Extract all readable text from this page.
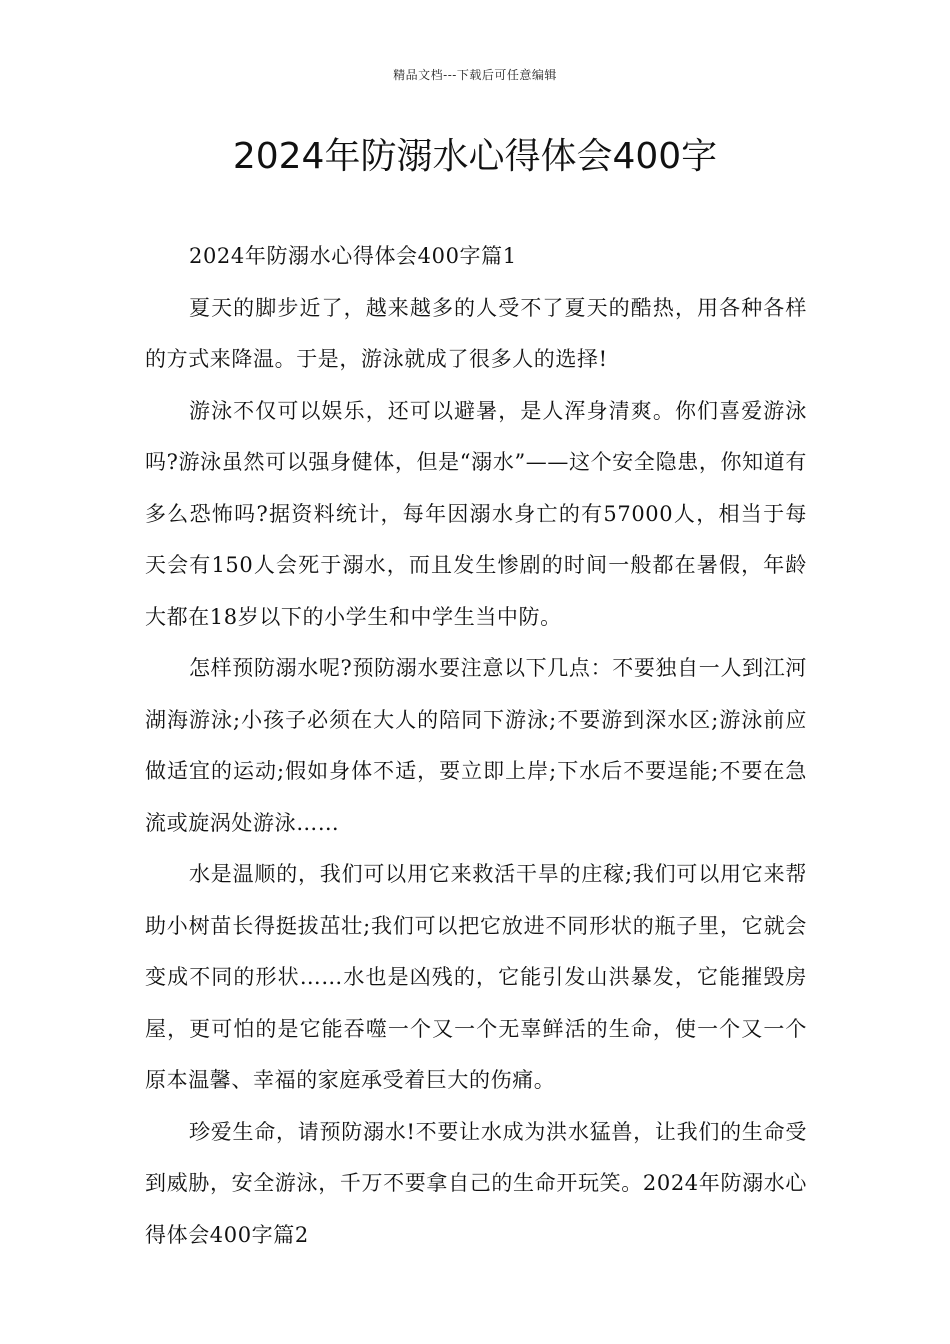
精品文档---下载后可任意编辑
2024年防溺水心得体会400字

2024年防溺水心得体会400字篇1

夏天的脚步近了，越来越多的人受不了夏天的酷热，用各种各样的方式来降温。于是，游泳就成了很多人的选择!

游泳不仅可以娱乐，还可以避暑，是人浑身清爽。你们喜爱游泳吗?游泳虽然可以强身健体，但是“溺水”——这个安全隐患，你知道有多么恐怖吗?据资料统计，每年因溺水身亡的有57000人，相当于每天会有150人会死于溺水，而且发生惨剧的时间一般都在暑假，年龄大都在18岁以下的小学生和中学生当中防。

怎样预防溺水呢?预防溺水要注意以下几点：不要独自一人到江河湖海游泳;小孩子必须在大人的陪同下游泳;不要游到深水区;游泳前应做适宜的运动;假如身体不适，要立即上岸;下水后不要逞能;不要在急流或旋涡处游泳……

水是温顺的，我们可以用它来救活干旱的庄稼;我们可以用它来帮助小树苗长得挺拔茁壮;我们可以把它放进不同形状的瓶子里，它就会变成不同的形状……水也是凶残的，它能引发山洪暴发，它能摧毁房屋，更可怕的是它能吞噬一个又一个无辜鲜活的生命，使一个又一个原本温馨、幸福的家庭承受着巨大的伤痛。

珍爱生命，请预防溺水!不要让水成为洪水猛兽，让我们的生命受到威胁，安全游泳，千万不要拿自己的生命开玩笑。2024年防溺水心得体会400字篇2
